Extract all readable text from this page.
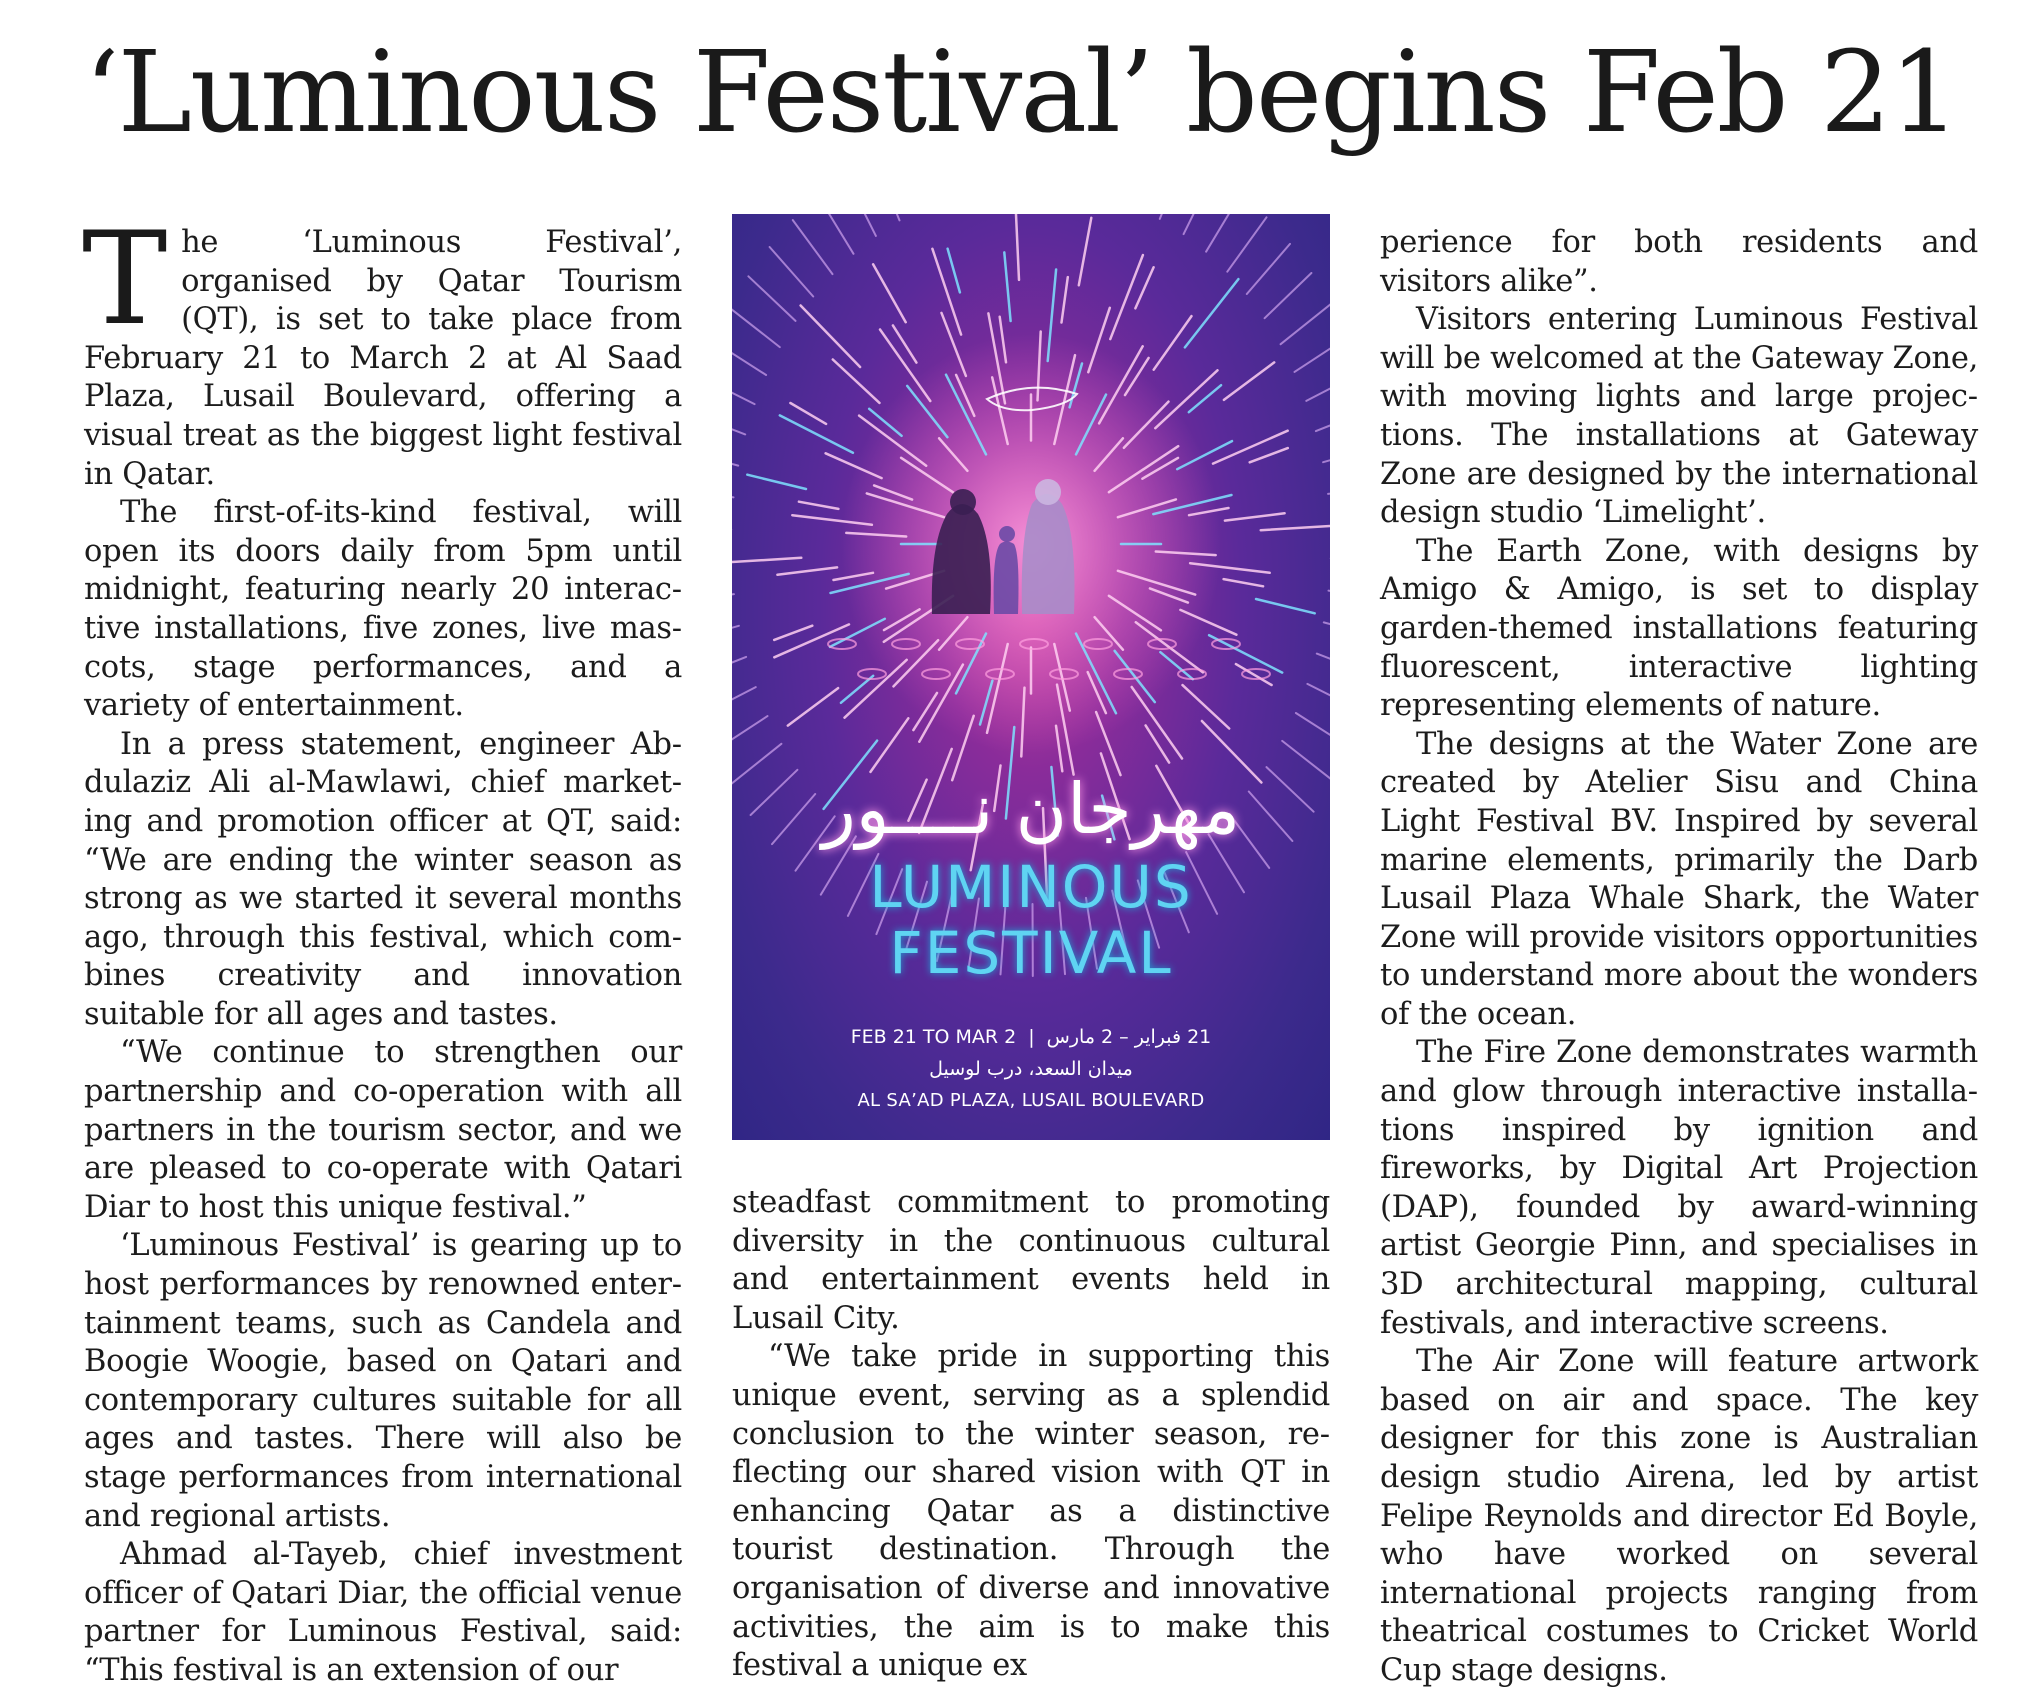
‘Luminous Festival’ begins Feb 21

The ‘Luminous Festival’, organised by Qatar Tourism (QT), is set to take place from February 21 to March 2 at Al Saad Plaza, Lusail Boulevard, offering a visual treat as the biggest light festival in Qatar.

The first-of-its-kind festival, will open its doors daily from 5pm until midnight, featuring nearly 20 interactive installations, five zones, live mascots, stage performances, and a variety of entertainment.

In a press statement, engineer Abdulaziz Ali al-Mawlawi, chief marketing and promotion officer at QT, said: “We are ending the winter season as strong as we started it several months ago, through this festival, which combines creativity and innovation suitable for all ages and tastes.

“We continue to strengthen our partnership and co-operation with all partners in the tourism sector, and we are pleased to co-operate with Qatari Diar to host this unique festival.”

‘Luminous Festival’ is gearing up to host performances by renowned entertainment teams, such as Candela and Boogie Woogie, based on Qatari and contemporary cultures suitable for all ages and tastes. There will also be stage performances from international and regional artists.

Ahmad al-Tayeb, chief investment officer of Qatari Diar, the official venue partner for Luminous Festival, said: “This festival is an extension of our

مهرجان نــــور
LUMINOUS
FESTIVAL
FEB 21 TO MAR 2 | 21 فبراير – 2 مارس
ميدان السعد، درب لوسيل
AL SA’AD PLAZA, LUSAIL BOULEVARD

steadfast commitment to promoting diversity in the continuous cultural and entertainment events held in Lusail City.

“We take pride in supporting this unique event, serving as a splendid conclusion to the winter season, reflecting our shared vision with QT in enhancing Qatar as a distinctive tourist destination. Through the organisation of diverse and innovative activities, the aim is to make this festival a unique ex

perience for both residents and visitors alike”.

Visitors entering Luminous Festival will be welcomed at the Gateway Zone, with moving lights and large projections. The installations at Gateway Zone are designed by the international design studio ‘Limelight’.

The Earth Zone, with designs by Amigo & Amigo, is set to display garden-themed installations featuring fluorescent, interactive lighting representing elements of nature.

The designs at the Water Zone are created by Atelier Sisu and China Light Festival BV. Inspired by several marine elements, primarily the Darb Lusail Plaza Whale Shark, the Water Zone will provide visitors opportunities to understand more about the wonders of the ocean.

The Fire Zone demonstrates warmth and glow through interactive installations inspired by ignition and fireworks, by Digital Art Projection (DAP), founded by award-winning artist Georgie Pinn, and specialises in 3D architectural mapping, cultural festivals, and interactive screens.

The Air Zone will feature artwork based on air and space. The key designer for this zone is Australian design studio Airena, led by artist Felipe Reynolds and director Ed Boyle, who have worked on several international projects ranging from theatrical costumes to Cricket World Cup stage designs.
